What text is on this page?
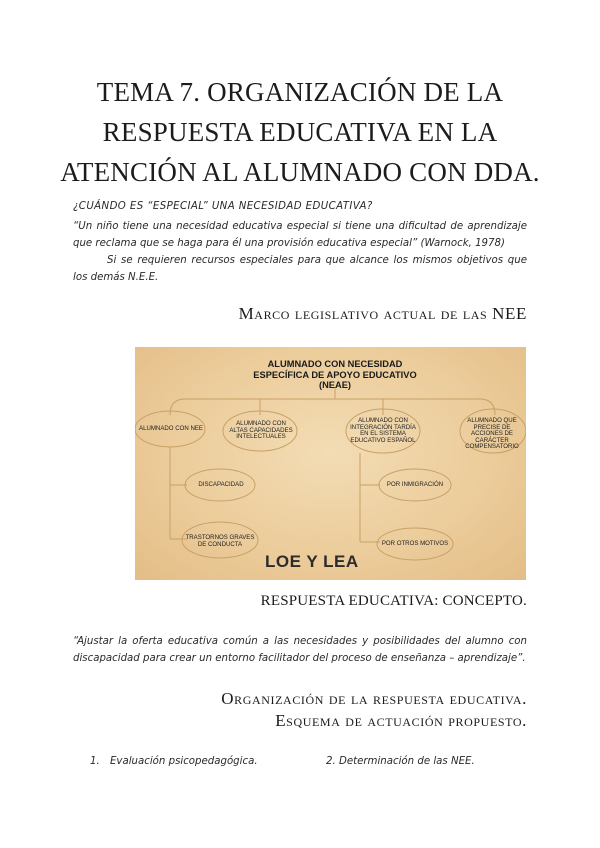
TEMA 7. ORGANIZACIÓN DE LA
RESPUESTA EDUCATIVA EN LA
ATENCIÓN AL ALUMNADO CON DDA.
¿CUÁNDO ES “ESPECIAL” UNA NECESIDAD EDUCATIVA?
“Un niño tiene una necesidad educativa especial si tiene una dificultad de aprendizaje que reclama que se haga para él una provisión educativa especial” (Warnock, 1978)
Si se requieren recursos especiales para que alcance los mismos objetivos que los demás N.E.E.
Marco legislativo actual de las NEE
ALUMNADO CON NECESIDAD
ESPECÍFICA DE APOYO EDUCATIVO
(NEAE)
ALUMNADO CON NEE
ALUMNADO CON ALTAS CAPACIDADES INTELECTUALES
ALUMNADO CON INTEGRACIÓN TARDÍA EN EL SISTEMA EDUCATIVO ESPAÑOL
ALUMNADO QUE PRECISE DE ACCIONES DE CARÁCTER COMPENSATORIO
DISCAPACIDAD
TRASTORNOS GRAVES DE CONDUCTA
POR INMIGRACIÓN
POR OTROS MOTIVOS
LOE Y LEA
RESPUESTA EDUCATIVA: CONCEPTO.
“Ajustar la oferta educativa común a las necesidades y posibilidades del alumno con discapacidad para crear un entorno facilitador del proceso de enseñanza – aprendizaje”.
Organización de la respuesta educativa.
Esquema de actuación propuesto.
1. Evaluación psicopedagógica.	2. Determinación de las NEE.
